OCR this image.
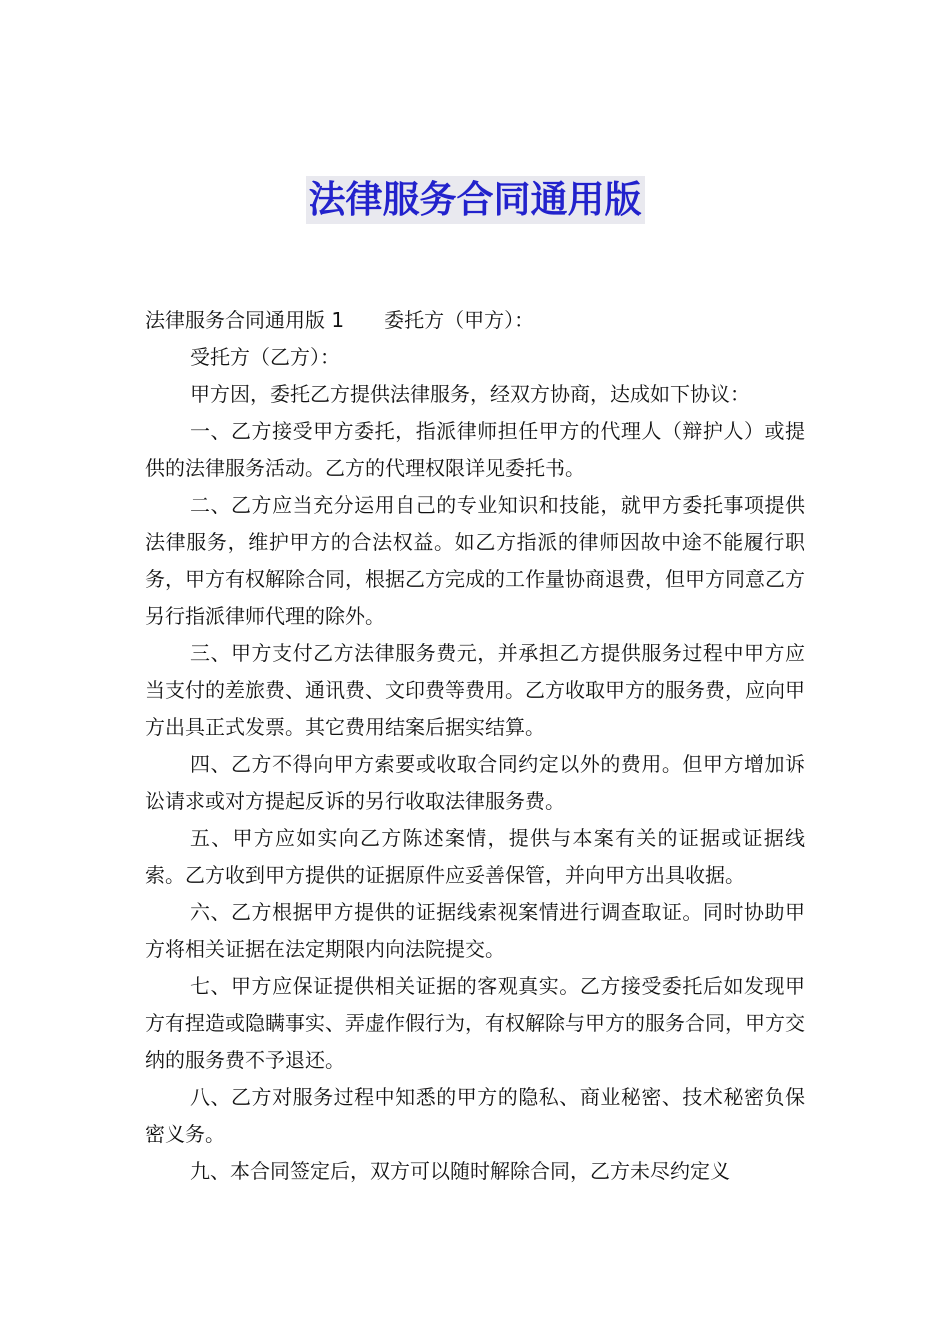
法律服务合同通用版

法律服务合同通用版 1 委托方（甲方）：

受托方（乙方）：

甲方因，委托乙方提供法律服务，经双方协商，达成如下协议：

一、乙方接受甲方委托，指派律师担任甲方的代理人（辩护人）或提供的法律服务活动。乙方的代理权限详见委托书。

二、乙方应当充分运用自己的专业知识和技能，就甲方委托事项提供法律服务，维护甲方的合法权益。如乙方指派的律师因故中途不能履行职务，甲方有权解除合同，根据乙方完成的工作量协商退费，但甲方同意乙方另行指派律师代理的除外。

三、甲方支付乙方法律服务费元，并承担乙方提供服务过程中甲方应当支付的差旅费、通讯费、文印费等费用。乙方收取甲方的服务费，应向甲方出具正式发票。其它费用结案后据实结算。

四、乙方不得向甲方索要或收取合同约定以外的费用。但甲方增加诉讼请求或对方提起反诉的另行收取法律服务费。

五、甲方应如实向乙方陈述案情，提供与本案有关的证据或证据线索。乙方收到甲方提供的证据原件应妥善保管，并向甲方出具收据。

六、乙方根据甲方提供的证据线索视案情进行调查取证。同时协助甲方将相关证据在法定期限内向法院提交。

七、甲方应保证提供相关证据的客观真实。乙方接受委托后如发现甲方有捏造或隐瞒事实、弄虚作假行为，有权解除与甲方的服务合同，甲方交纳的服务费不予退还。

八、乙方对服务过程中知悉的甲方的隐私、商业秘密、技术秘密负保密义务。

九、本合同签定后，双方可以随时解除合同，乙方未尽约定义
